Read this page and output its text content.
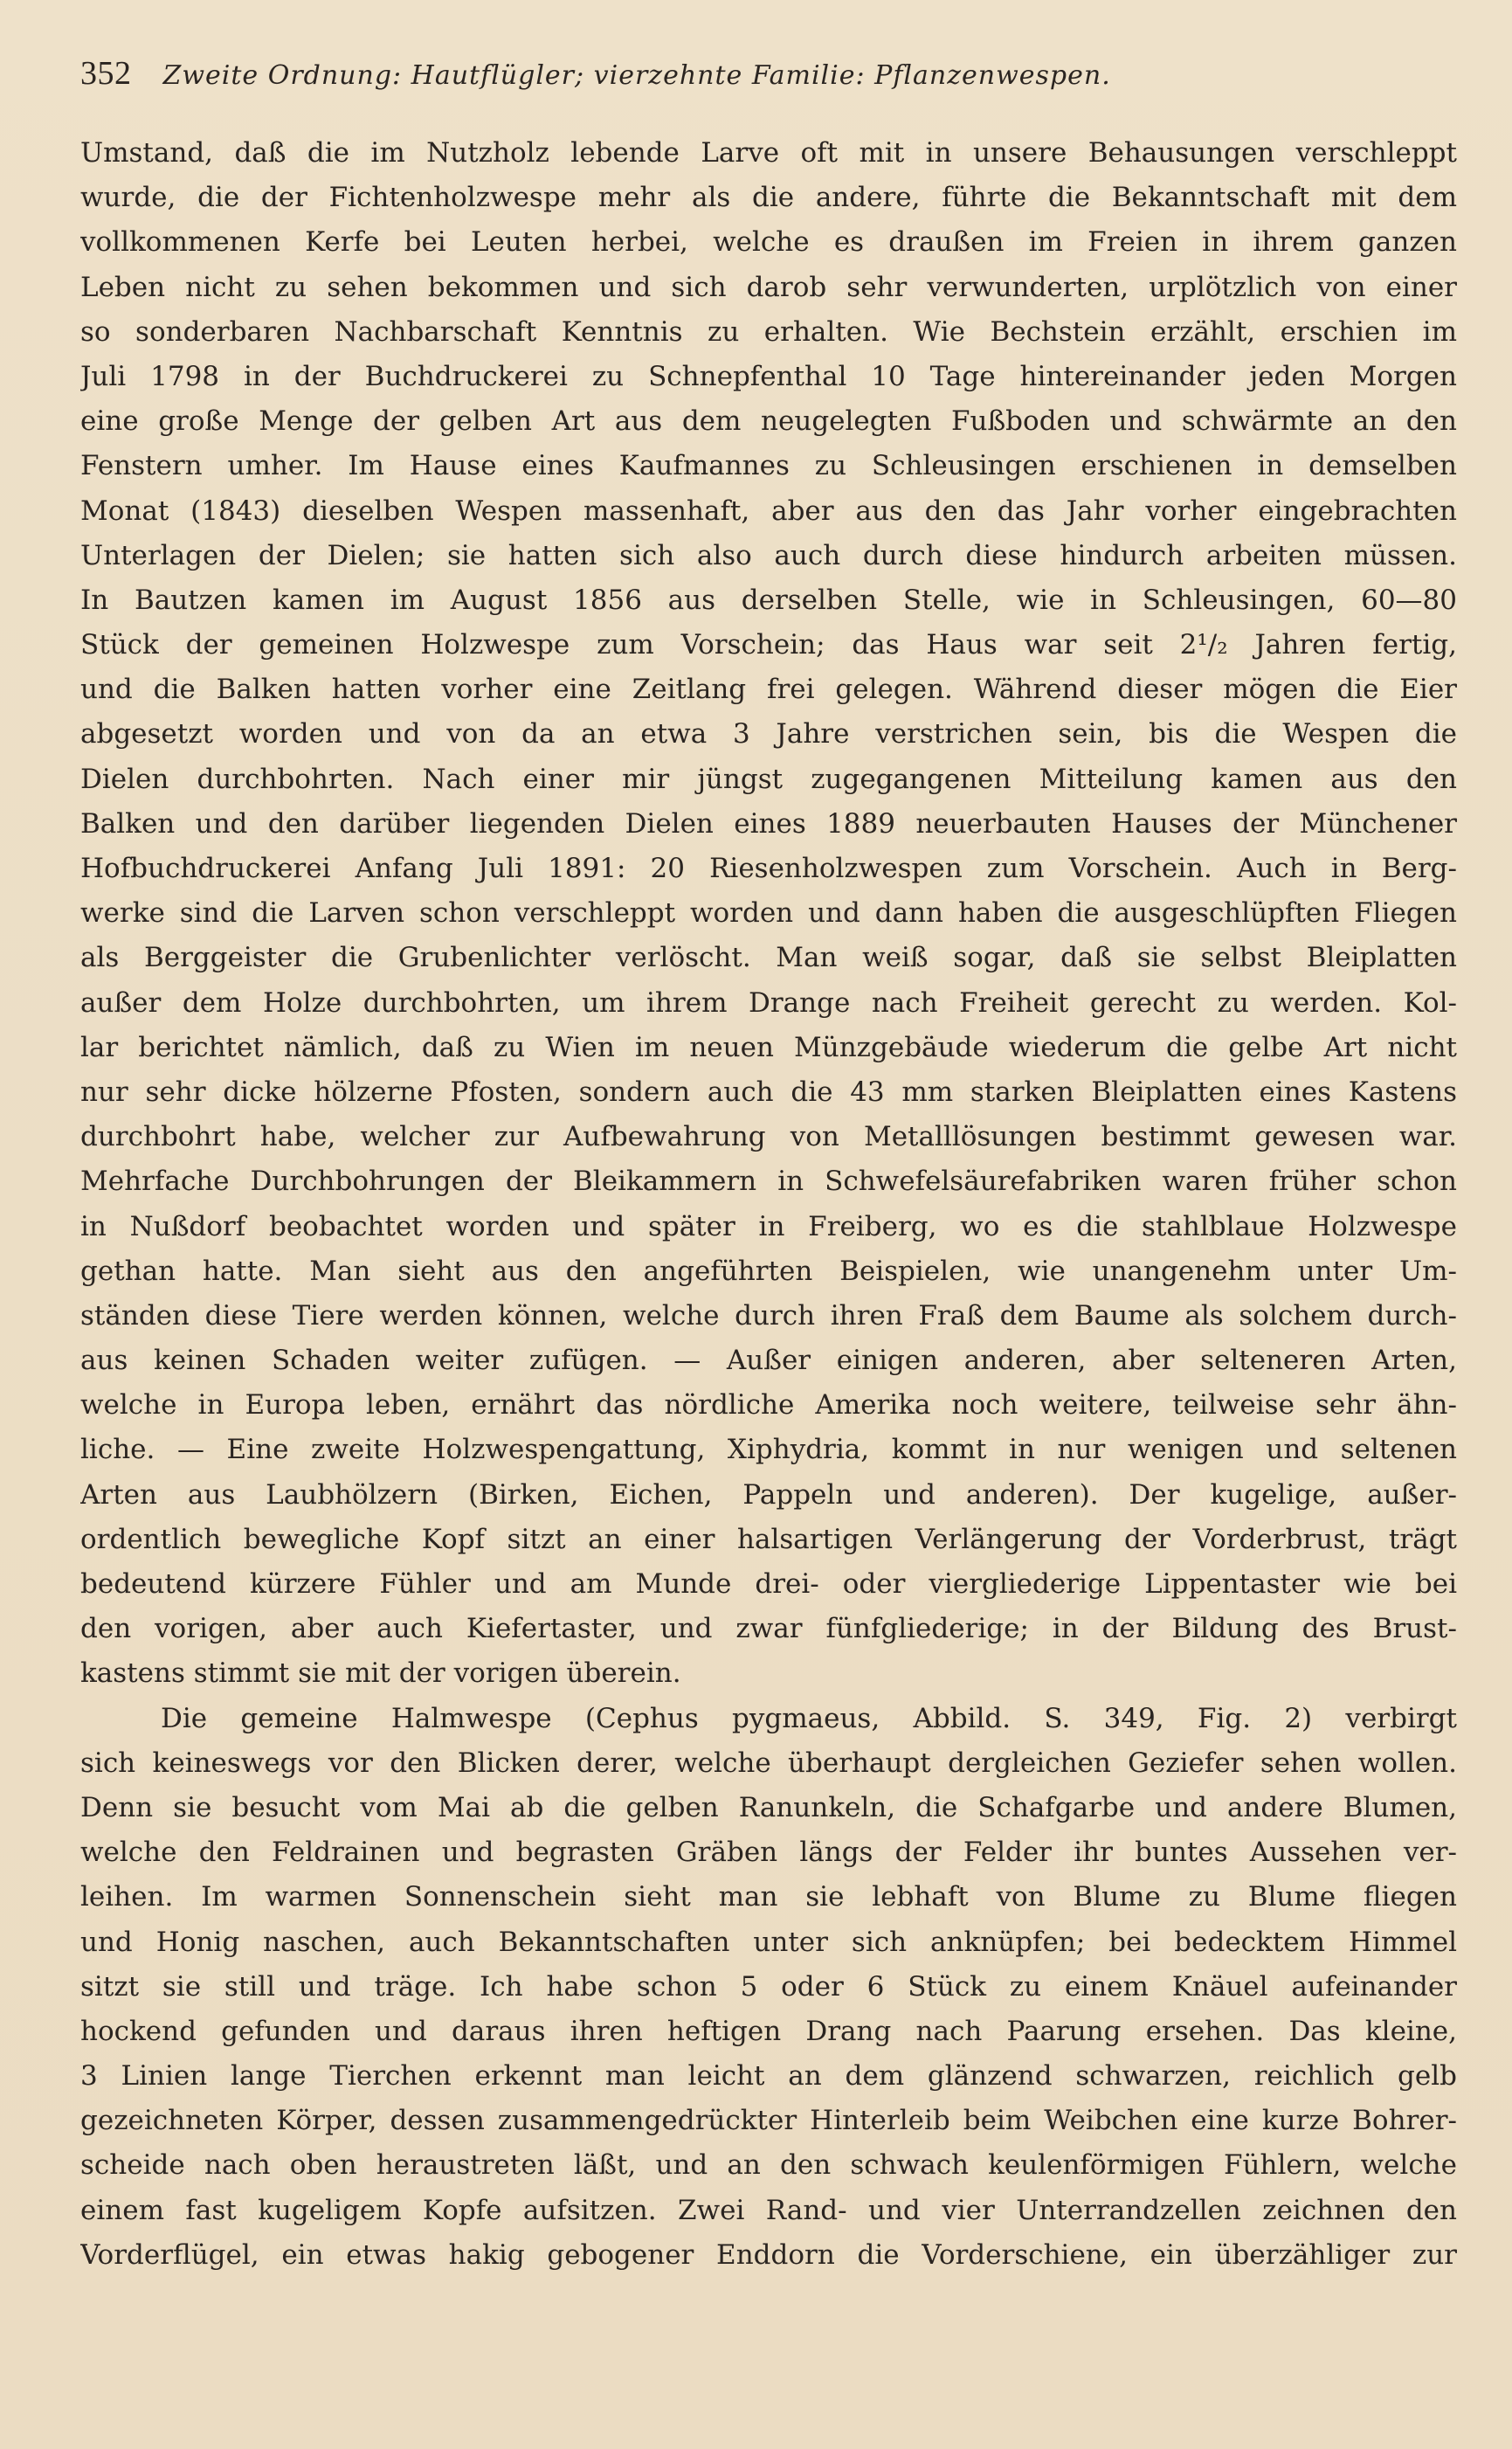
352 Zweite Ordnung: Hautflügler; vierzehnte Familie: Pflanzenwespen.
Umstand, daß die im Nutzholz lebende Larve oft mit in unsere Behausungen verschleppt
wurde, die der Fichtenholzwespe mehr als die andere, führte die Bekanntschaft mit dem
vollkommenen Kerfe bei Leuten herbei, welche es draußen im Freien in ihrem ganzen
Leben nicht zu sehen bekommen und sich darob sehr verwunderten, urplötzlich von einer
so sonderbaren Nachbarschaft Kenntnis zu erhalten. Wie Bechstein erzählt, erschien im
Juli 1798 in der Buchdruckerei zu Schnepfenthal 10 Tage hintereinander jeden Morgen
eine große Menge der gelben Art aus dem neugelegten Fußboden und schwärmte an den
Fenstern umher. Im Hause eines Kaufmannes zu Schleusingen erschienen in demselben
Monat (1843) dieselben Wespen massenhaft, aber aus den das Jahr vorher eingebrachten
Unterlagen der Dielen; sie hatten sich also auch durch diese hindurch arbeiten müssen.
In Bautzen kamen im August 1856 aus derselben Stelle, wie in Schleusingen, 60—80
Stück der gemeinen Holzwespe zum Vorschein; das Haus war seit 2¹/₂ Jahren fertig,
und die Balken hatten vorher eine Zeitlang frei gelegen. Während dieser mögen die Eier
abgesetzt worden und von da an etwa 3 Jahre verstrichen sein, bis die Wespen die
Dielen durchbohrten. Nach einer mir jüngst zugegangenen Mitteilung kamen aus den
Balken und den darüber liegenden Dielen eines 1889 neuerbauten Hauses der Münchener
Hofbuchdruckerei Anfang Juli 1891: 20 Riesenholzwespen zum Vorschein. Auch in Berg-
werke sind die Larven schon verschleppt worden und dann haben die ausgeschlüpften Fliegen
als Berggeister die Grubenlichter verlöscht. Man weiß sogar, daß sie selbst Bleiplatten
außer dem Holze durchbohrten, um ihrem Drange nach Freiheit gerecht zu werden. Kol-
lar berichtet nämlich, daß zu Wien im neuen Münzgebäude wiederum die gelbe Art nicht
nur sehr dicke hölzerne Pfosten, sondern auch die 43 mm starken Bleiplatten eines Kastens
durchbohrt habe, welcher zur Aufbewahrung von Metalllösungen bestimmt gewesen war.
Mehrfache Durchbohrungen der Bleikammern in Schwefelsäurefabriken waren früher schon
in Nußdorf beobachtet worden und später in Freiberg, wo es die stahlblaue Holzwespe
gethan hatte. Man sieht aus den angeführten Beispielen, wie unangenehm unter Um-
ständen diese Tiere werden können, welche durch ihren Fraß dem Baume als solchem durch-
aus keinen Schaden weiter zufügen. — Außer einigen anderen, aber selteneren Arten,
welche in Europa leben, ernährt das nördliche Amerika noch weitere, teilweise sehr ähn-
liche. — Eine zweite Holzwespengattung, Xiphydria, kommt in nur wenigen und seltenen
Arten aus Laubhölzern (Birken, Eichen, Pappeln und anderen). Der kugelige, außer-
ordentlich bewegliche Kopf sitzt an einer halsartigen Verlängerung der Vorderbrust, trägt
bedeutend kürzere Fühler und am Munde drei- oder viergliederige Lippentaster wie bei
den vorigen, aber auch Kiefertaster, und zwar fünfgliederige; in der Bildung des Brust-
kastens stimmt sie mit der vorigen überein.
Die gemeine Halmwespe (Cephus pygmaeus, Abbild. S. 349, Fig. 2) verbirgt
sich keineswegs vor den Blicken derer, welche überhaupt dergleichen Geziefer sehen wollen.
Denn sie besucht vom Mai ab die gelben Ranunkeln, die Schafgarbe und andere Blumen,
welche den Feldrainen und begrasten Gräben längs der Felder ihr buntes Aussehen ver-
leihen. Im warmen Sonnenschein sieht man sie lebhaft von Blume zu Blume fliegen
und Honig naschen, auch Bekanntschaften unter sich anknüpfen; bei bedecktem Himmel
sitzt sie still und träge. Ich habe schon 5 oder 6 Stück zu einem Knäuel aufeinander
hockend gefunden und daraus ihren heftigen Drang nach Paarung ersehen. Das kleine,
3 Linien lange Tierchen erkennt man leicht an dem glänzend schwarzen, reichlich gelb
gezeichneten Körper, dessen zusammengedrückter Hinterleib beim Weibchen eine kurze Bohrer-
scheide nach oben heraustreten läßt, und an den schwach keulenförmigen Fühlern, welche
einem fast kugeligem Kopfe aufsitzen. Zwei Rand- und vier Unterrandzellen zeichnen den
Vorderflügel, ein etwas hakig gebogener Enddorn die Vorderschiene, ein überzähliger zur
